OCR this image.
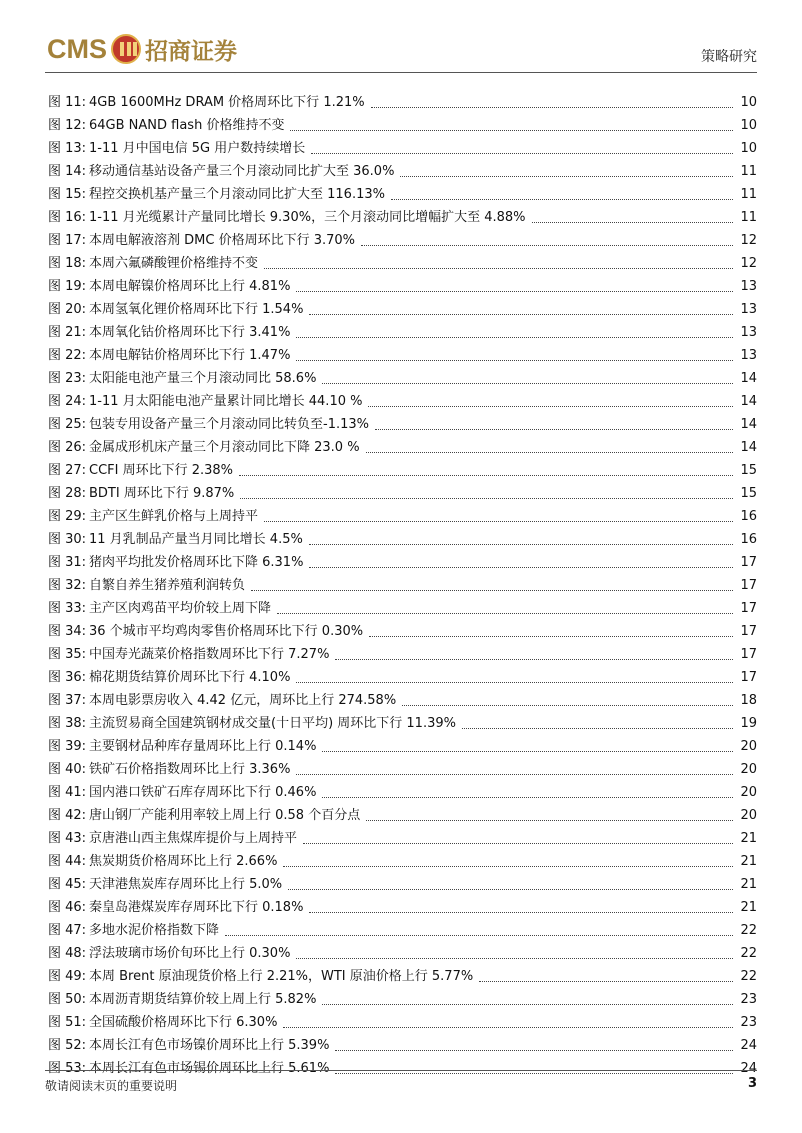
CMS 招商证券	策略研究
图 11: 4GB 1600MHz DRAM 价格周环比下行 1.21%	10
图 12: 64GB NAND flash 价格维持不变	10
图 13: 1-11 月中国电信 5G 用户数持续增长	10
图 14: 移动通信基站设备产量三个月滚动同比扩大至 36.0%	11
图 15: 程控交换机基产量三个月滚动同比扩大至 116.13%	11
图 16: 1-11 月光缆累计产量同比增长 9.30%，三个月滚动同比增幅扩大至 4.88%	11
图 17: 本周电解液溶剂 DMC 价格周环比下行 3.70%	12
图 18: 本周六氟磷酸锂价格维持不变	12
图 19: 本周电解镍价格周环比上行 4.81%	13
图 20: 本周氢氧化锂价格周环比下行 1.54%	13
图 21: 本周氧化钴价格周环比下行 3.41%	13
图 22: 本周电解钴价格周环比下行 1.47%	13
图 23: 太阳能电池产量三个月滚动同比 58.6%	14
图 24: 1-11 月太阳能电池产量累计同比增长 44.10 %	14
图 25: 包装专用设备产量三个月滚动同比转负至-1.13%	14
图 26: 金属成形机床产量三个月滚动同比下降 23.0 %	14
图 27: CCFI 周环比下行 2.38%	15
图 28: BDTI 周环比下行 9.87%	15
图 29: 主产区生鲜乳价格与上周持平	16
图 30: 11 月乳制品产量当月同比增长 4.5%	16
图 31: 猪肉平均批发价格周环比下降 6.31%	17
图 32: 自繁自养生猪养殖利润转负	17
图 33: 主产区肉鸡苗平均价较上周下降	17
图 34: 36 个城市平均鸡肉零售价格周环比下行 0.30%	17
图 35: 中国寿光蔬菜价格指数周环比下行 7.27%	17
图 36: 棉花期货结算价周环比下行 4.10%	17
图 37: 本周电影票房收入 4.42 亿元，周环比上行 274.58%	18
图 38: 主流贸易商全国建筑钢材成交量(十日平均) 周环比下行 11.39%	19
图 39: 主要钢材品种库存量周环比上行 0.14%	20
图 40: 铁矿石价格指数周环比上行 3.36%	20
图 41: 国内港口铁矿石库存周环比下行 0.46%	20
图 42: 唐山钢厂产能利用率较上周上行 0.58 个百分点	20
图 43: 京唐港山西主焦煤库提价与上周持平	21
图 44: 焦炭期货价格周环比上行 2.66%	21
图 45: 天津港焦炭库存周环比上行 5.0%	21
图 46: 秦皇岛港煤炭库存周环比下行 0.18%	21
图 47: 多地水泥价格指数下降	22
图 48: 浮法玻璃市场价旬环比上行 0.30%	22
图 49: 本周 Brent 原油现货价格上行 2.21%，WTI 原油价格上行 5.77%	22
图 50: 本周沥青期货结算价较上周上行 5.82%	23
图 51: 全国硫酸价格周环比下行 6.30%	23
图 52: 本周长江有色市场镍价周环比上行 5.39%	24
图 53: 本周长江有色市场锡价周环比上行 5.61%	24
敬请阅读末页的重要说明	3
